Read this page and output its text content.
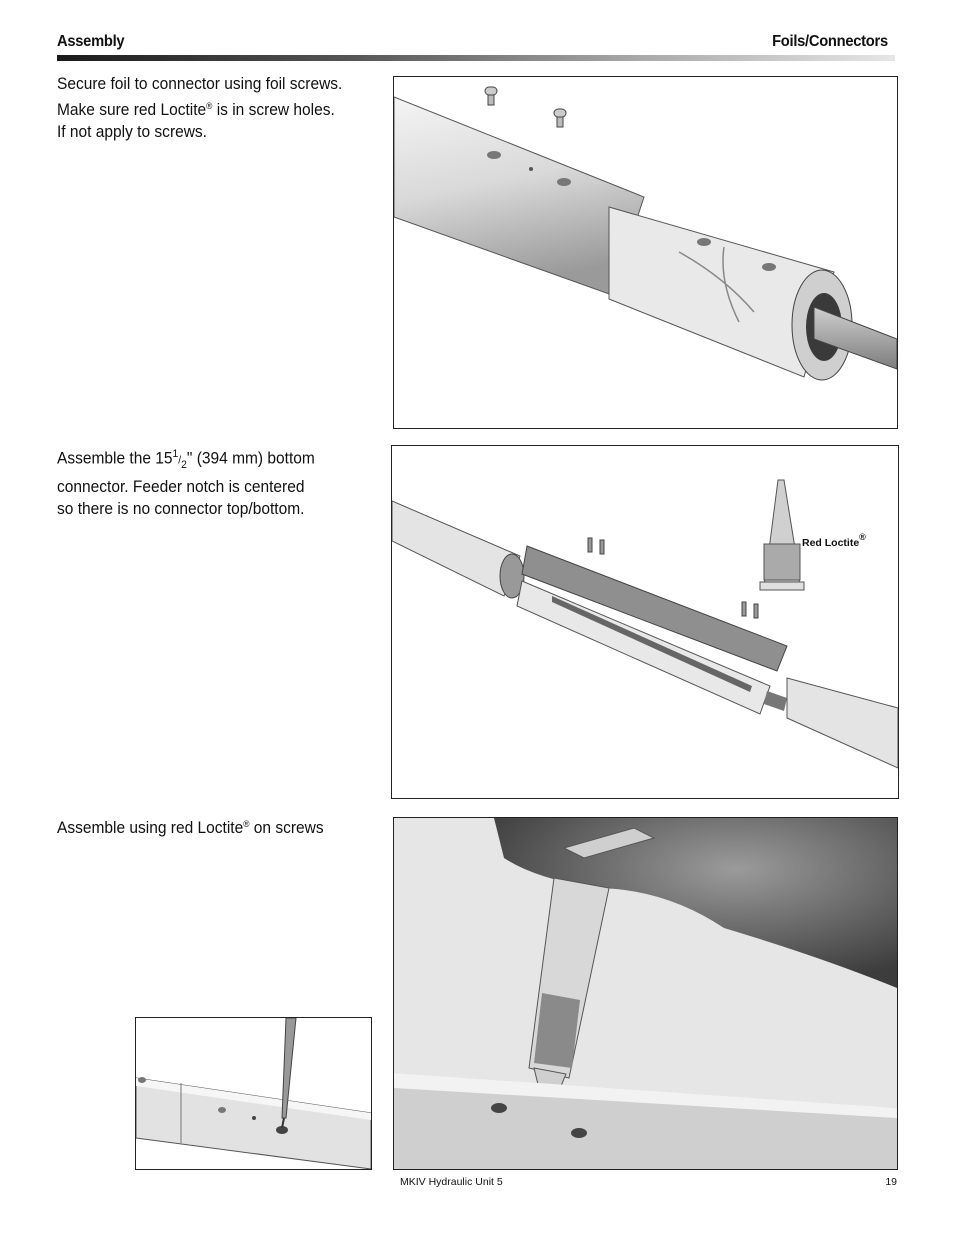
Assembly	Foils/Connectors
Secure foil to connector using foil screws.
Make sure red Loctite® is in screw holes.
If not apply to screws.
Assemble the $15^1/_2$" (394 mm) bottom
connector. Feeder notch is centered
so there is no connector top/bottom.
Assemble using red Loctite® on screws
Red Loctite®
MKIV Hydraulic Unit 5	19
